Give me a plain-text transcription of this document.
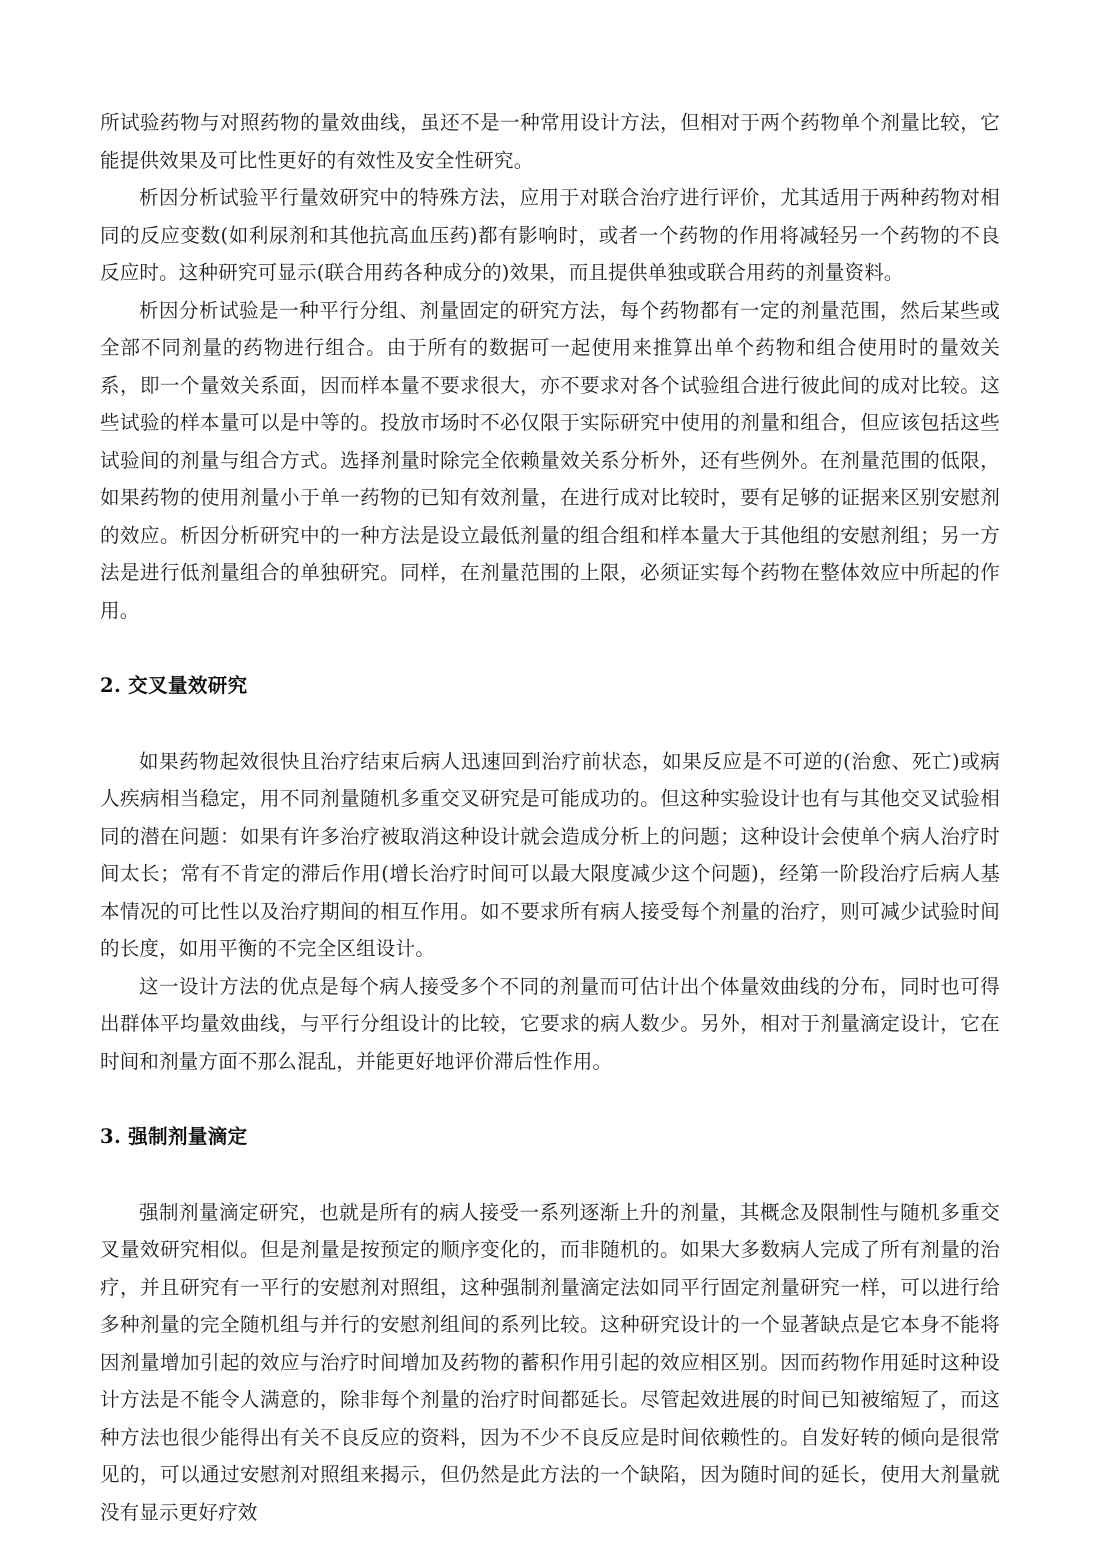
所试验药物与对照药物的量效曲线，虽还不是一种常用设计方法，但相对于两个药物单个剂量比较，它能提供效果及可比性更好的有效性及安全性研究。

析因分析试验平行量效研究中的特殊方法，应用于对联合治疗进行评价，尤其适用于两种药物对相同的反应变数(如利尿剂和其他抗高血压药)都有影响时，或者一个药物的作用将减轻另一个药物的不良反应时。这种研究可显示(联合用药各种成分的)效果，而且提供单独或联合用药的剂量资料。

析因分析试验是一种平行分组、剂量固定的研究方法，每个药物都有一定的剂量范围，然后某些或全部不同剂量的药物进行组合。由于所有的数据可一起使用来推算出单个药物和组合使用时的量效关系，即一个量效关系面，因而样本量不要求很大，亦不要求对各个试验组合进行彼此间的成对比较。这些试验的样本量可以是中等的。投放市场时不必仅限于实际研究中使用的剂量和组合，但应该包括这些试验间的剂量与组合方式。选择剂量时除完全依赖量效关系分析外，还有些例外。在剂量范围的低限，如果药物的使用剂量小于单一药物的已知有效剂量，在进行成对比较时，要有足够的证据来区别安慰剂的效应。析因分析研究中的一种方法是设立最低剂量的组合组和样本量大于其他组的安慰剂组；另一方法是进行低剂量组合的单独研究。同样，在剂量范围的上限，必须证实每个药物在整体效应中所起的作用。

2. 交叉量效研究

如果药物起效很快且治疗结束后病人迅速回到治疗前状态，如果反应是不可逆的(治愈、死亡)或病人疾病相当稳定，用不同剂量随机多重交叉研究是可能成功的。但这种实验设计也有与其他交叉试验相同的潜在问题：如果有许多治疗被取消这种设计就会造成分析上的问题；这种设计会使单个病人治疗时间太长；常有不肯定的滞后作用(增长治疗时间可以最大限度减少这个问题)，经第一阶段治疗后病人基本情况的可比性以及治疗期间的相互作用。如不要求所有病人接受每个剂量的治疗，则可减少试验时间的长度，如用平衡的不完全区组设计。

这一设计方法的优点是每个病人接受多个不同的剂量而可估计出个体量效曲线的分布，同时也可得出群体平均量效曲线，与平行分组设计的比较，它要求的病人数少。另外，相对于剂量滴定设计，它在时间和剂量方面不那么混乱，并能更好地评价滞后性作用。

3. 强制剂量滴定

强制剂量滴定研究，也就是所有的病人接受一系列逐渐上升的剂量，其概念及限制性与随机多重交叉量效研究相似。但是剂量是按预定的顺序变化的，而非随机的。如果大多数病人完成了所有剂量的治疗，并且研究有一平行的安慰剂对照组，这种强制剂量滴定法如同平行固定剂量研究一样，可以进行给多种剂量的完全随机组与并行的安慰剂组间的系列比较。这种研究设计的一个显著缺点是它本身不能将因剂量增加引起的效应与治疗时间增加及药物的蓄积作用引起的效应相区别。因而药物作用延时这种设计方法是不能令人满意的，除非每个剂量的治疗时间都延长。尽管起效进展的时间已知被缩短了，而这种方法也很少能得出有关不良反应的资料，因为不少不良反应是时间依赖性的。自发好转的倾向是很常见的，可以通过安慰剂对照组来揭示，但仍然是此方法的一个缺陷，因为随时间的延长，使用大剂量就没有显示更好疗效
